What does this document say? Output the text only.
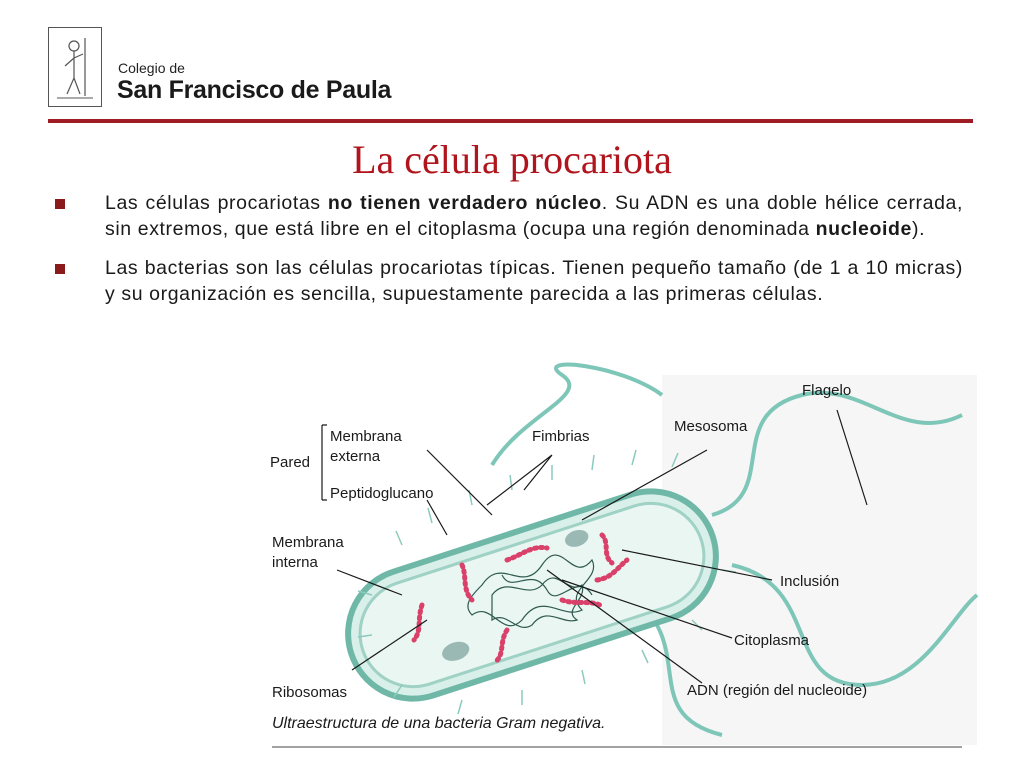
Colegio de
San Francisco de Paula
La célula procariota
Las células procariotas no tienen verdadero núcleo. Su ADN es una doble hélice cerrada, sin extremos, que está libre en el citoplasma (ocupa una región denominada nucleoide).
Las bacterias son las células procariotas típicas. Tienen pequeño tamaño (de 1 a 10 micras) y su organización es sencilla, supuestamente parecida a las primeras células.
Flagelo
Mesosoma
Fimbrias
Pared
Membrana
externa
Peptidoglucano
Membrana
interna
Inclusión
Citoplasma
Ribosomas	ADN (región del nucleoide)
Ultraestructura de una bacteria Gram negativa.
